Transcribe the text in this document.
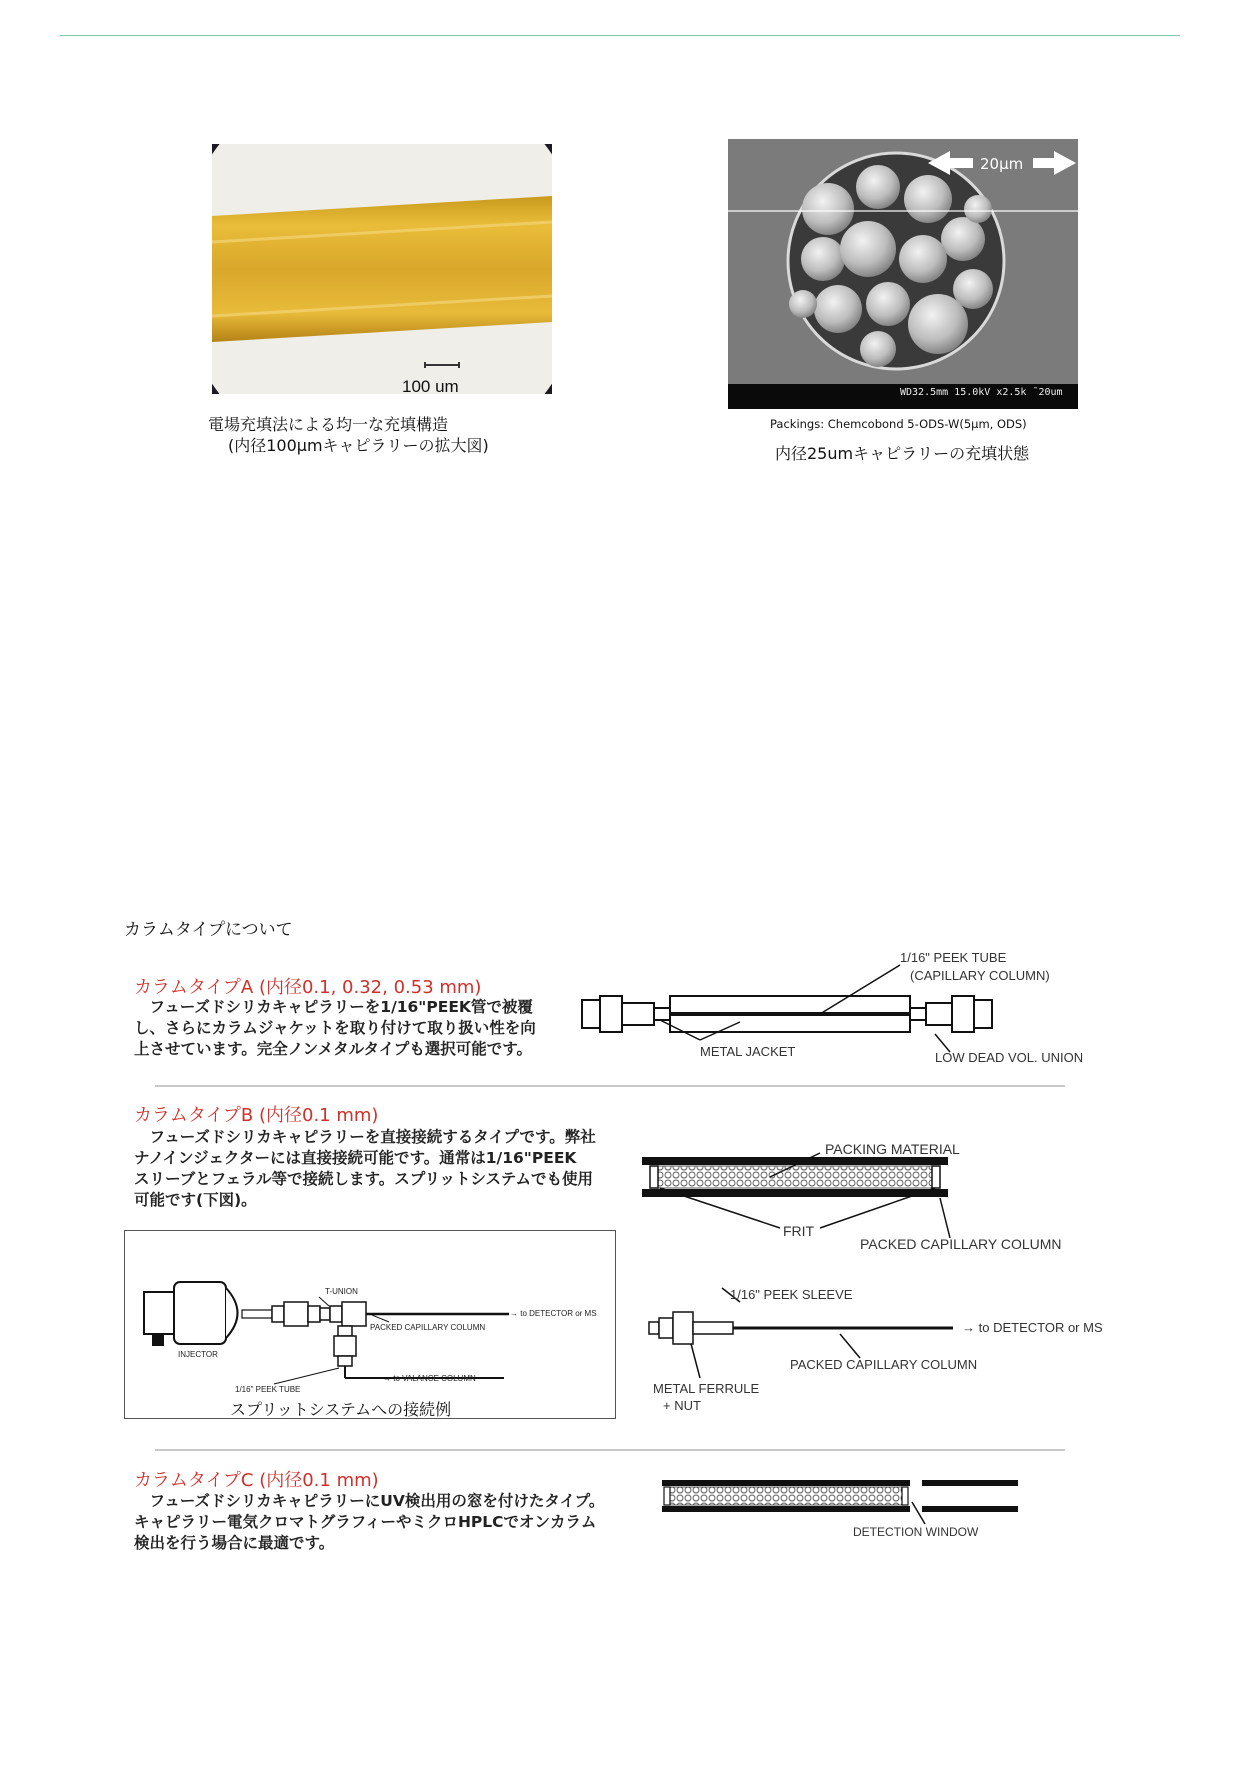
100 um
20μm
WD32.5mm 15.0kV x2.5k ̄ 20um
電場充填法による均一な充填構造
(内径100μmキャピラリーの拡大図)
Packings: Chemcobond 5-ODS-W(5μm, ODS)
内径25umキャピラリーの充填状態
カラムタイプについて
カラムタイプA (内径0.1, 0.32, 0.53 mm)
　フューズドシリカキャピラリーを1/16"PEEK管で被覆
し、さらにカラムジャケットを取り付けて取り扱い性を向
上させています。完全ノンメタルタイプも選択可能です。
1/16" PEEK TUBE
(CAPILLARY COLUMN)
METAL JACKET	LOW DEAD VOL. UNION
カラムタイプB (内径0.1 mm)
　フューズドシリカキャピラリーを直接接続するタイプです。弊社
ナノインジェクターには直接接続可能です。通常は1/16"PEEK
スリーブとフェラル等で接続します。スプリットシステムでも使用
可能です(下図)。
PACKING MATERIAL
FRIT
PACKED CAPILLARY COLUMN
1/16" PEEK SLEEVE
→ to DETECTOR or MS
PACKED CAPILLARY COLUMN
METAL FERRULE
+ NUT
T-UNION
→ to DETECTOR or MS
PACKED CAPILLARY COLUMN
INJECTOR
1/16" PEEK TUBE
→ to VALANCE COLUMN
スプリットシステムへの接続例
カラムタイプC (内径0.1 mm)
　フューズドシリカキャピラリーにUV検出用の窓を付けたタイプ。
キャピラリー電気クロマトグラフィーやミクロHPLCでオンカラム
検出を行う場合に最適です。
DETECTION WINDOW
